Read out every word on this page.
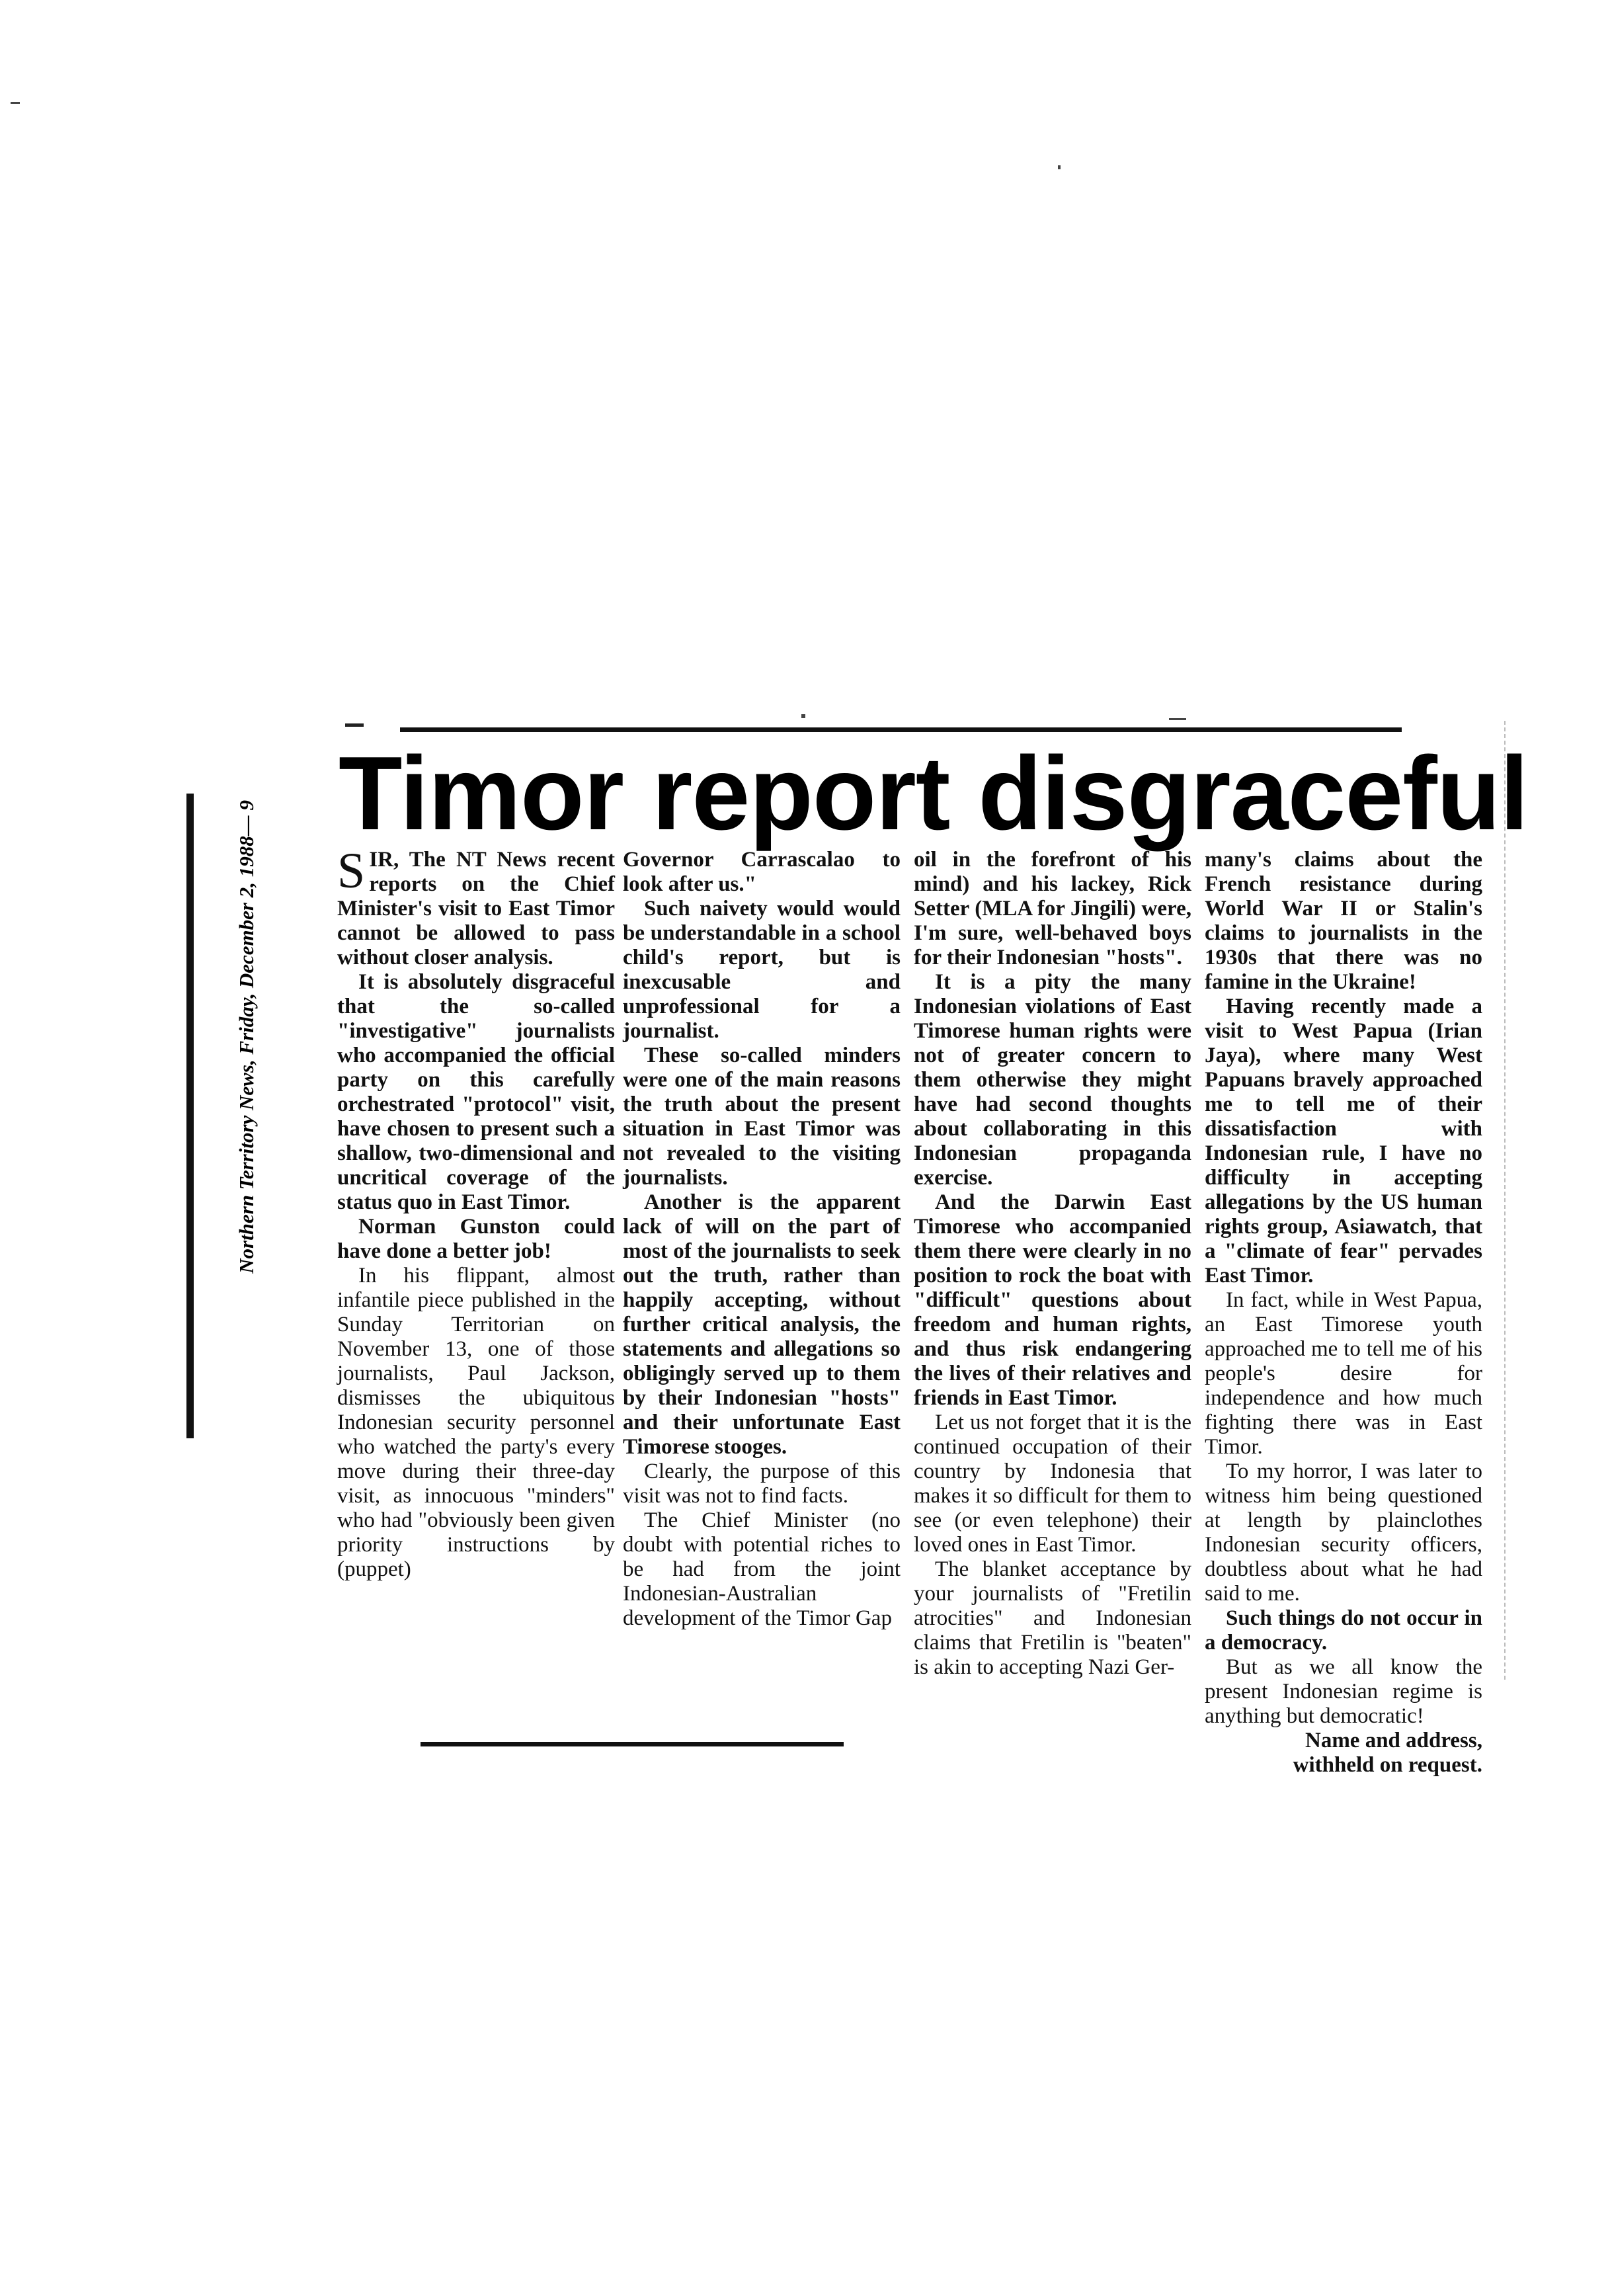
Northern Territory News, Friday, December 2, 1988— 9
Timor report disgraceful

SIR, The NT News recent reports on the Chief Minister's visit to East Timor cannot be allowed to pass without closer analysis.

It is absolutely disgraceful that the so-called "investigative" journalists who accompanied the official party on this carefully orchestrated "protocol" visit, have chosen to present such a shallow, two-dimensional and uncritical coverage of the status quo in East Timor.

Norman Gunston could have done a better job!

In his flippant, almost infantile piece published in the Sunday Territorian on November 13, one of those journalists, Paul Jackson, dismisses the ubiquitous Indonesian security personnel who watched the party's every move during their three-day visit, as innocuous "minders" who had "obviously been given priority instructions by (puppet)

Governor Carrascalao to look after us."

Such naivety would would be understandable in a school child's report, but is inexcusable and unprofessional for a journalist.

These so-called minders were one of the main reasons the truth about the present situation in East Timor was not revealed to the visiting journalists.

Another is the apparent lack of will on the part of most of the journalists to seek out the truth, rather than happily accepting, without further critical analysis, the statements and allegations so obligingly served up to them by their Indonesian "hosts" and their unfortunate East Timorese stooges.

Clearly, the purpose of this visit was not to find facts.

The Chief Minister (no doubt with potential riches to be had from the joint Indonesian-Australian development of the Timor Gap

oil in the forefront of his mind) and his lackey, Rick Setter (MLA for Jingili) were, I'm sure, well-behaved boys for their Indonesian "hosts".

It is a pity the many Indonesian violations of East Timorese human rights were not of greater concern to them otherwise they might have had second thoughts about collaborating in this Indonesian propaganda exercise.

And the Darwin East Timorese who accompanied them there were clearly in no position to rock the boat with "difficult" questions about freedom and human rights, and thus risk endangering the lives of their relatives and friends in East Timor.

Let us not forget that it is the continued occupation of their country by Indonesia that makes it so difficult for them to see (or even telephone) their loved ones in East Timor.

The blanket acceptance by your journalists of "Fretilin atrocities" and Indonesian claims that Fretilin is "beaten" is akin to accepting Nazi Ger-

many's claims about the French resistance during World War II or Stalin's claims to journalists in the 1930s that there was no famine in the Ukraine!

Having recently made a visit to West Papua (Irian Jaya), where many West Papuans bravely approached me to tell me of their dissatisfaction with Indonesian rule, I have no difficulty in accepting allegations by the US human rights group, Asiawatch, that a "climate of fear" pervades East Timor.

In fact, while in West Papua, an East Timorese youth approached me to tell me of his people's desire for independence and how much fighting there was in East Timor.

To my horror, I was later to witness him being questioned at length by plainclothes Indonesian security officers, doubtless about what he had said to me.

Such things do not occur in a democracy.

But as we all know the present Indonesian regime is anything but democratic!

Name and address, withheld on request.
